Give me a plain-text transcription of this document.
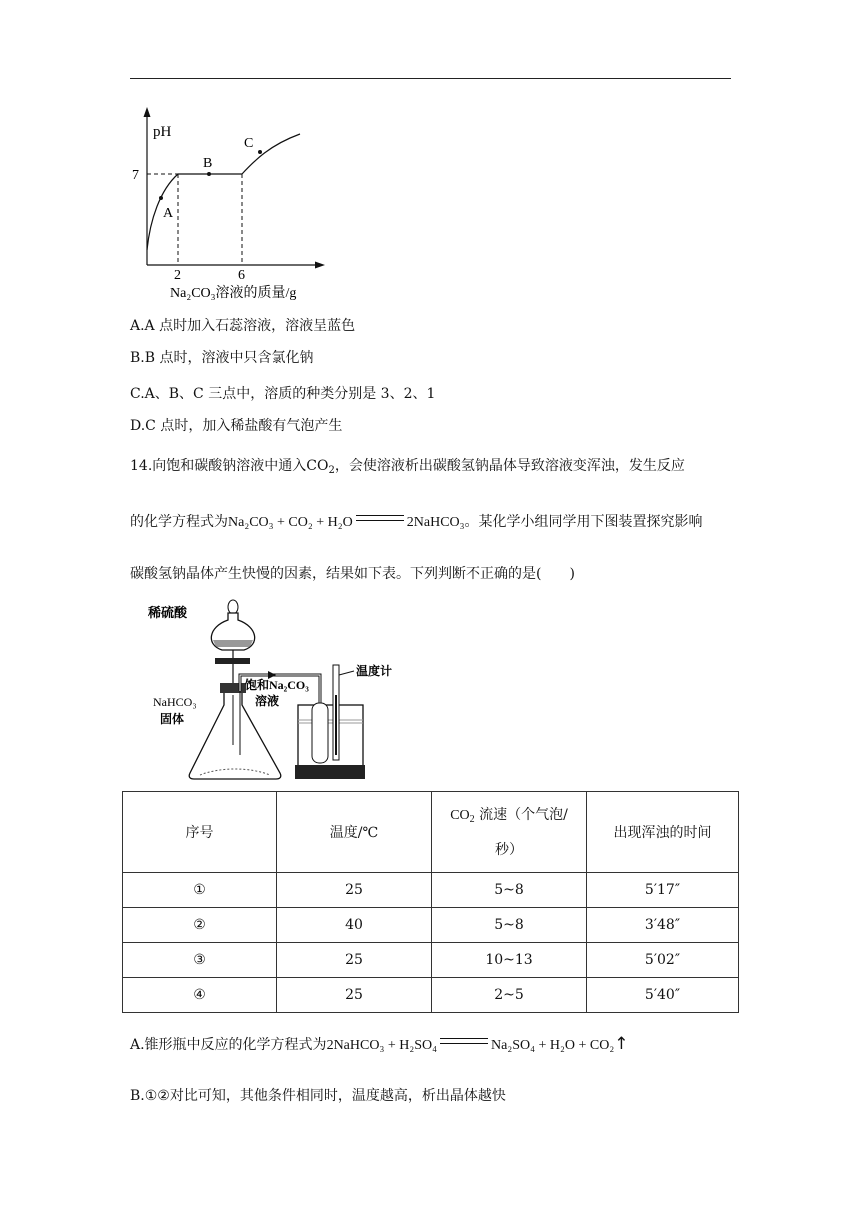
pH
7
2	6
A
B
C
Na₂CO₃溶液的质量/g
A.A 点时加入石蕊溶液，溶液呈蓝色
B.B 点时，溶液中只含氯化钠
C.A、B、C 三点中，溶质的种类分别是 3、2、1
D.C 点时，加入稀盐酸有气泡产生
14.向饱和碳酸钠溶液中通入$CO_2$，会使溶液析出碳酸氢钠晶体导致溶液变浑浊，发生反应
的化学方程式为Na₂CO₃ + CO₂ + H₂O	2NaHCO₃。某化学小组同学用下图装置探究影响
碳酸氢钠晶体产生快慢的因素，结果如下表。下列判断不正确的是(　　)
稀硫酸
NaHCO₃
固体
饱和Na₂CO₃
溶液
温度计
序号	温度/℃	$CO_2$ 流速（个气泡/
秒）	出现浑浊的时间
①	25	5~8	5′17″
②	40	5~8	3′48″
③	25	10~13	5′02″
④	25	2~5	5′40″
A.锥形瓶中反应的化学方程式为2NaHCO₃ + H₂SO₄	Na₂SO₄ + H₂O + CO₂↑
B.①②对比可知，其他条件相同时，温度越高，析出晶体越快
